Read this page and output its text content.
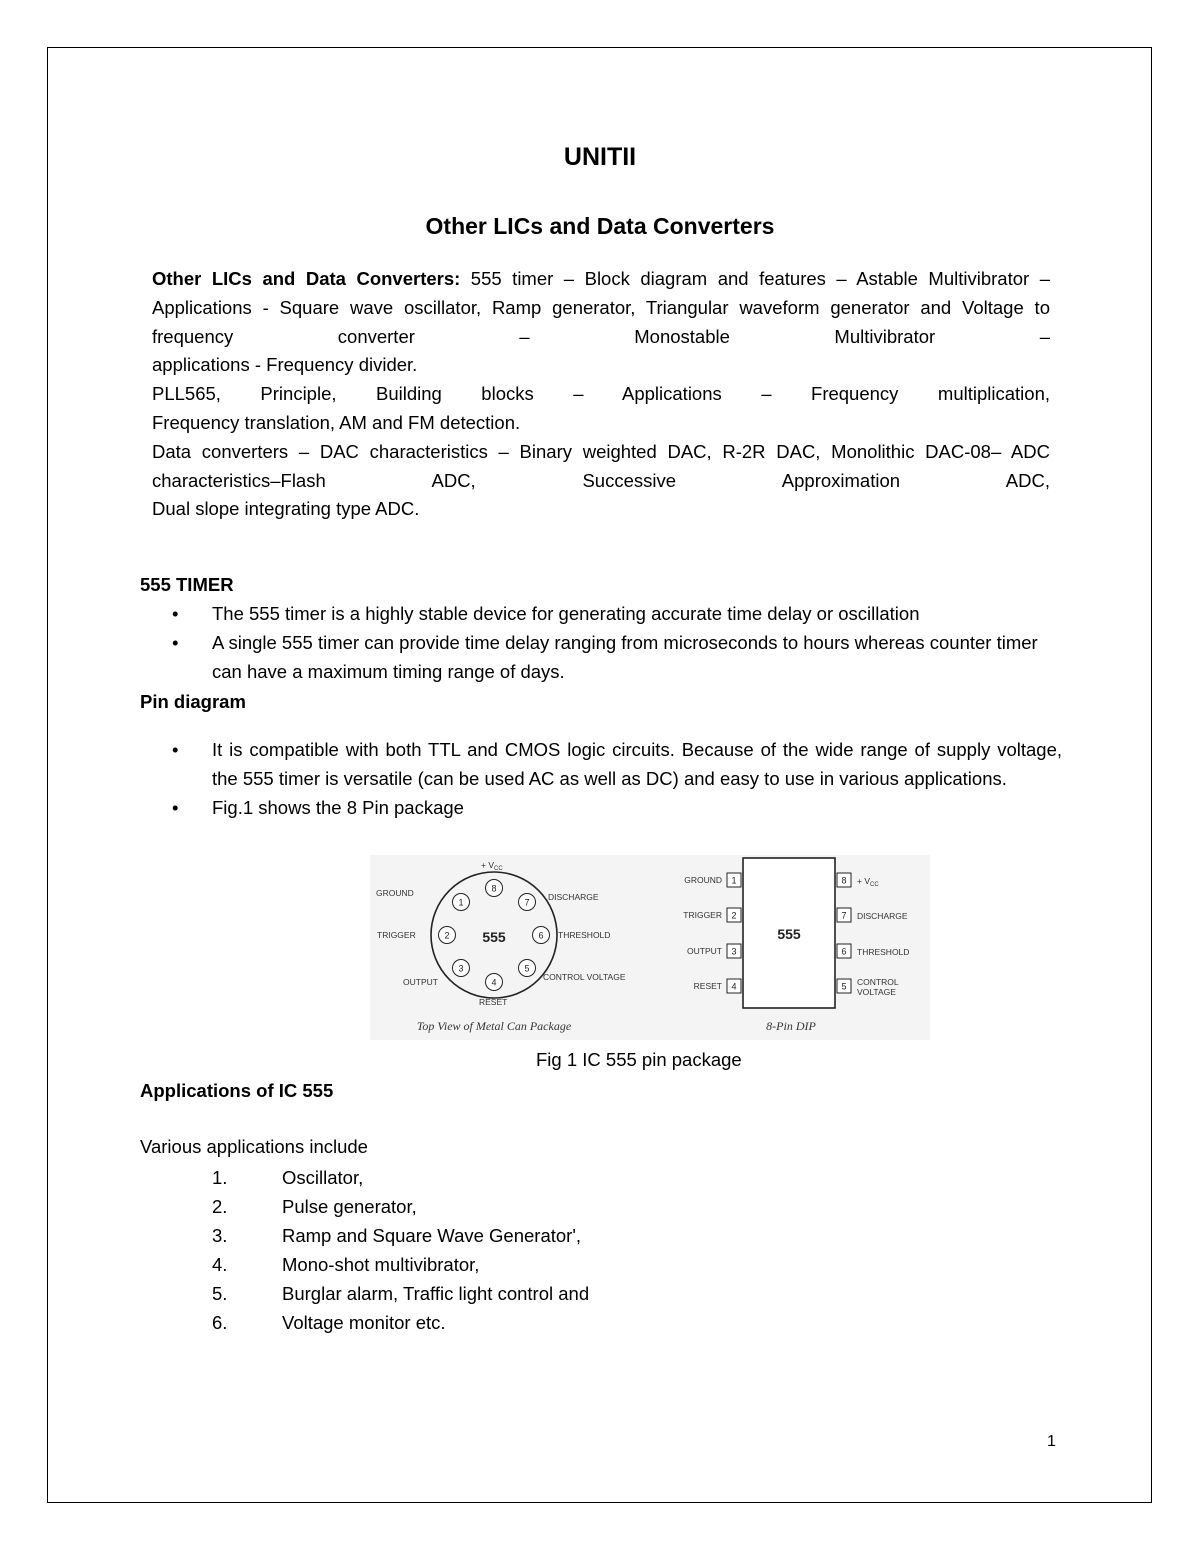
UNITII
Other LICs and Data Converters

Other LICs and Data Converters: 555 timer – Block diagram and features – Astable Multivibrator – Applications - Square wave oscillator, Ramp generator, Triangular waveform generator and Voltage to frequency converter – Monostable Multivibrator –

applications - Frequency divider.

PLL565, Principle, Building blocks – Applications – Frequency multiplication,

Frequency translation, AM and FM detection.

Data converters – DAC characteristics – Binary weighted DAC, R-2R DAC, Monolithic DAC-08– ADC characteristics–Flash ADC, Successive Approximation ADC,

Dual slope integrating type ADC.

555 TIMER
• The 555 timer is a highly stable device for generating accurate time delay or oscillation
• A single 555 timer can provide time delay ranging from microseconds to hours whereas counter timer can have a maximum timing range of days.
Pin diagram
• It is compatible with both TTL and CMOS logic circuits. Because of the wide range of supply voltage, the 555 timer is versatile (can be used AC as well as DC) and easy to use in various applications.
• Fig.1 shows the 8 Pin package
555
8
7
6
5
4
3
2
1
+ $V_{CC}$
GROUND
TRIGGER
OUTPUT
RESET
CONTROL VOLTAGE
THRESHOLD
DISCHARGE
Top View of Metal Can Package
555
1
2
3
4
8
7
6
5
GROUND
TRIGGER
OUTPUT
RESET
+ $V_{CC}$
DISCHARGE
THRESHOLD
CONTROL
VOLTAGE
8-Pin DIP
Fig 1 IC 555 pin package
Applications of IC 555
Various applications include
1.	Oscillator,
2.	Pulse generator,
3.	Ramp and Square Wave Generator',
4.	Mono-shot multivibrator,
5.	Burglar alarm, Traffic light control and
6.	Voltage monitor etc.
1
